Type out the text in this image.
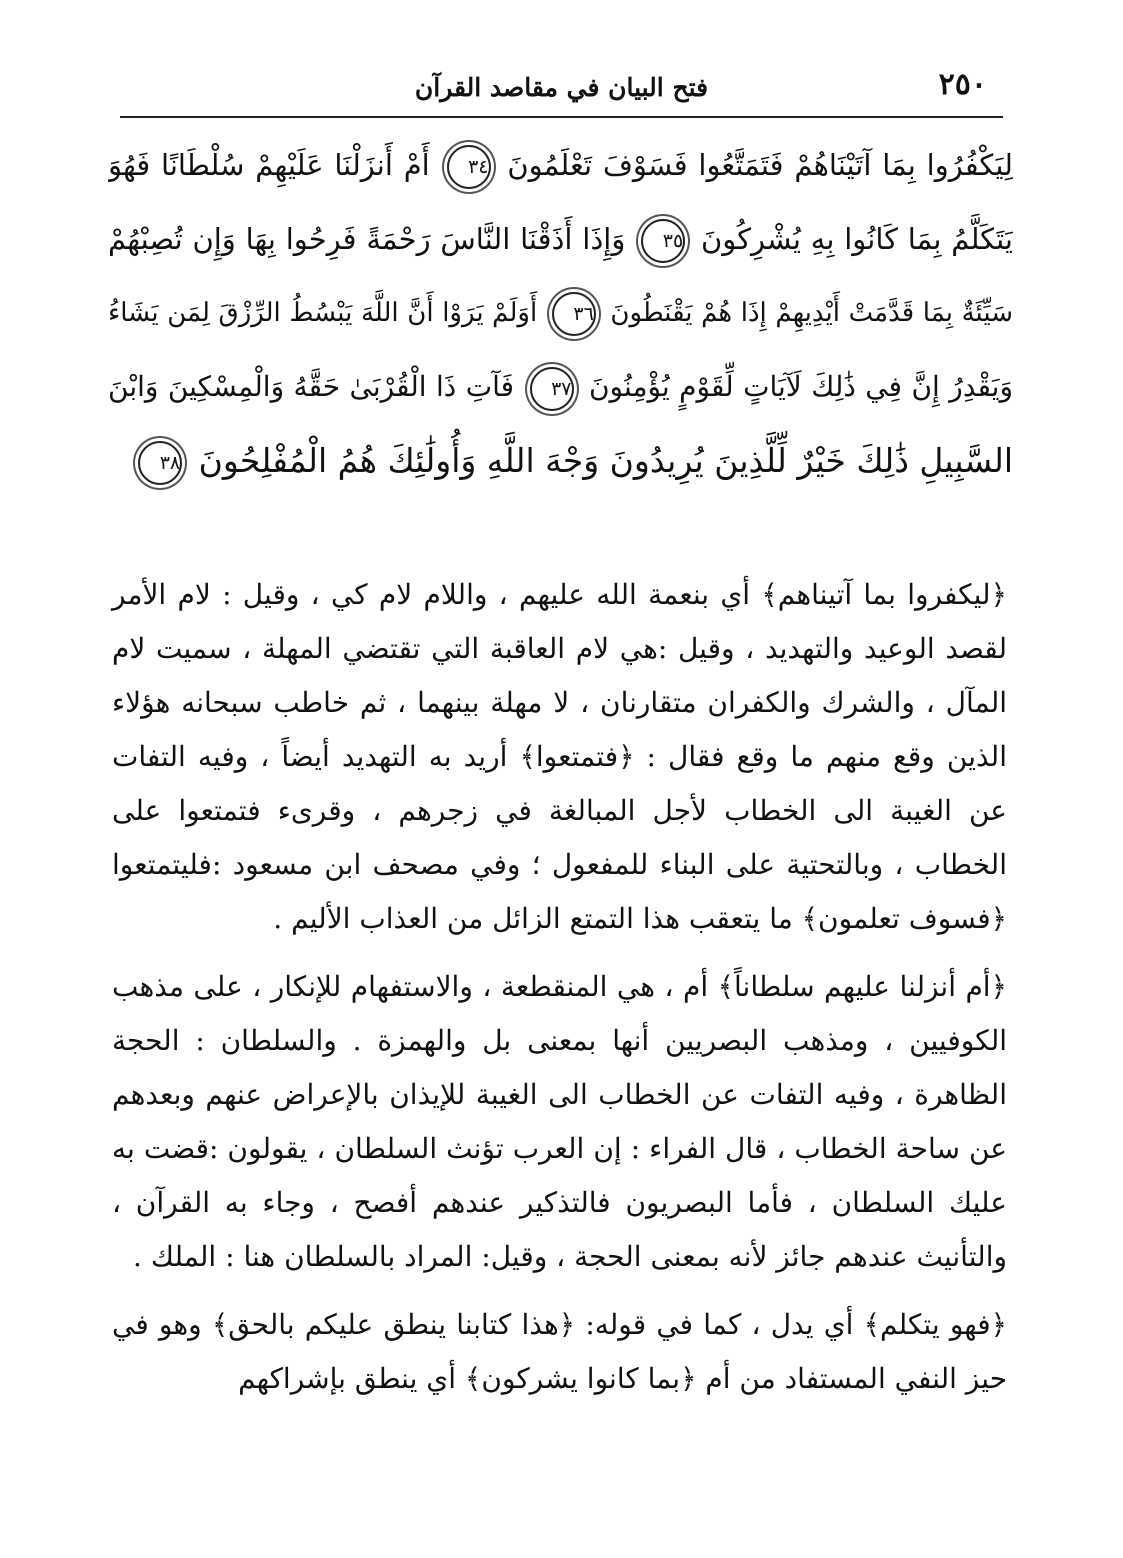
٢٥٠
فتح البيان في مقاصد القرآن
لِيَكْفُرُوا بِمَا آتَيْنَاهُمْ فَتَمَتَّعُوا فَسَوْفَ تَعْلَمُونَ ٣٤ أَمْ أَنزَلْنَا عَلَيْهِمْ سُلْطَانًا فَهُوَ
يَتَكَلَّمُ بِمَا كَانُوا بِهِ يُشْرِكُونَ ٣٥ وَإِذَا أَذَقْنَا النَّاسَ رَحْمَةً فَرِحُوا بِهَا وَإِن تُصِبْهُمْ
سَيِّئَةٌ بِمَا قَدَّمَتْ أَيْدِيهِمْ إِذَا هُمْ يَقْنَطُونَ ٣٦ أَوَلَمْ يَرَوْا أَنَّ اللَّهَ يَبْسُطُ الرِّزْقَ لِمَن يَشَاءُ
وَيَقْدِرُ إِنَّ فِي ذَٰلِكَ لَآيَاتٍ لِّقَوْمٍ يُؤْمِنُونَ ٣٧ فَآتِ ذَا الْقُرْبَىٰ حَقَّهُ وَالْمِسْكِينَ وَابْنَ
السَّبِيلِ ذَٰلِكَ خَيْرٌ لِّلَّذِينَ يُرِيدُونَ وَجْهَ اللَّهِ وَأُولَٰئِكَ هُمُ الْمُفْلِحُونَ ٣٨

﴿ليكفروا بما آتيناهم﴾ أي بنعمة الله عليهم ، واللام لام كي ، وقيل : لام الأمر لقصد الوعيد والتهديد ، وقيل :هي لام العاقبة التي تقتضي المهلة ، سميت لام المآل ، والشرك والكفران متقارنان ، لا مهلة بينهما ، ثم خاطب سبحانه هؤلاء الذين وقع منهم ما وقع فقال : ﴿فتمتعوا﴾ أريد به التهديد أيضاً ، وفيه التفات عن الغيبة الى الخطاب لأجل المبالغة في زجرهم ، وقرىء فتمتعوا على الخطاب ، وبالتحتية على البناء للمفعول ؛ وفي مصحف ابن مسعود :فليتمتعوا ﴿فسوف تعلمون﴾ ما يتعقب هذا التمتع الزائل من العذاب الأليم .

﴿أم أنزلنا عليهم سلطاناً﴾ أم ، هي المنقطعة ، والاستفهام للإنكار ، على مذهب الكوفيين ، ومذهب البصريين أنها بمعنى بل والهمزة . والسلطان : الحجة الظاهرة ، وفيه التفات عن الخطاب الى الغيبة للإيذان بالإعراض عنهم وبعدهم عن ساحة الخطاب ، قال الفراء : إن العرب تؤنث السلطان ، يقولون :قضت به عليك السلطان ، فأما البصريون فالتذكير عندهم أفصح ، وجاء به القرآن ، والتأنيث عندهم جائز لأنه بمعنى الحجة ، وقيل: المراد بالسلطان هنا : الملك .

﴿فهو يتكلم﴾ أي يدل ، كما في قوله: ﴿هذا كتابنا ينطق عليكم بالحق﴾ وهو في حيز النفي المستفاد من أم ﴿بما كانوا يشركون﴾ أي ينطق بإشراكهم
